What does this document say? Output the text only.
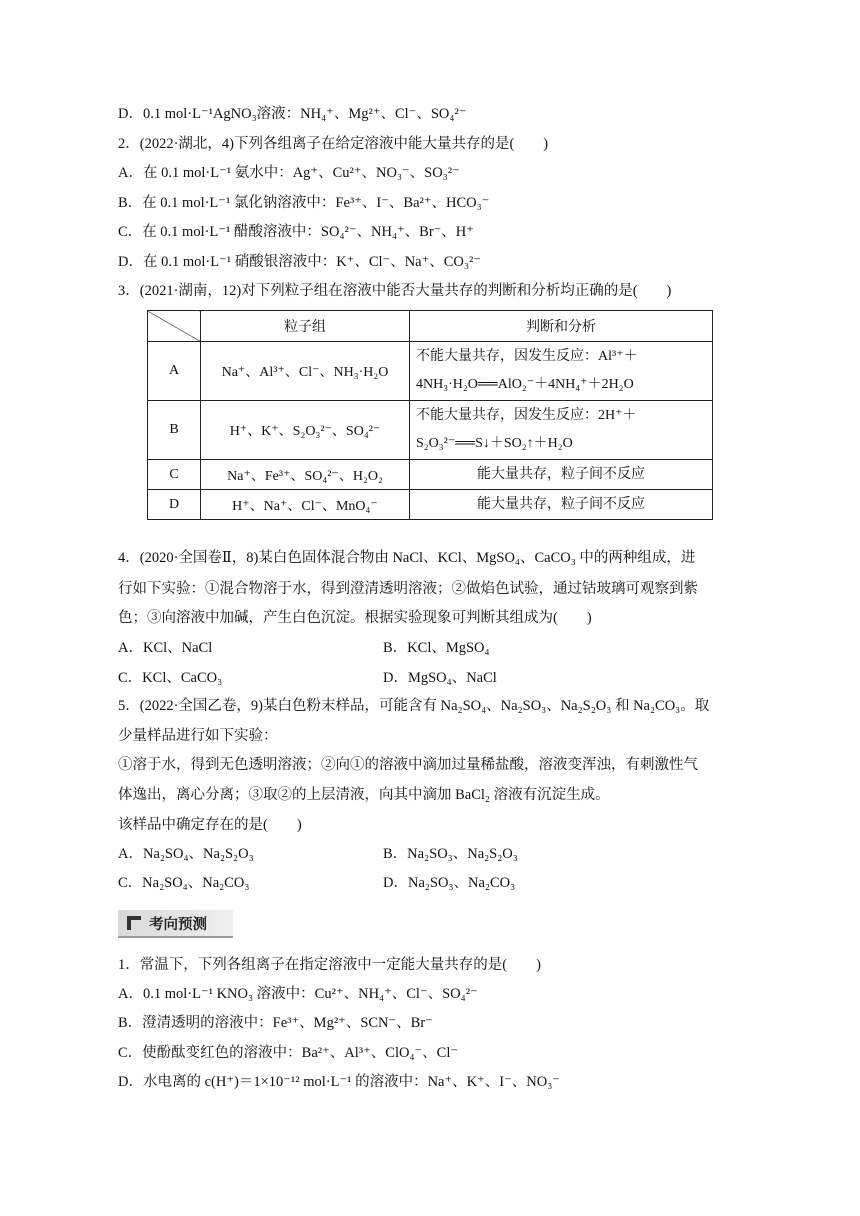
D．0.1 mol·L⁻¹AgNO₃溶液：NH₄⁺、Mg²⁺、Cl⁻、SO₄²⁻
2．(2022·湖北，4)下列各组离子在给定溶液中能大量共存的是(　　)
A．在 0.1 mol·L⁻¹ 氨水中：Ag⁺、Cu²⁺、NO₃⁻、SO₃²⁻
B．在 0.1 mol·L⁻¹ 氯化钠溶液中：Fe³⁺、I⁻、Ba²⁺、HCO₃⁻
C．在 0.1 mol·L⁻¹ 醋酸溶液中：SO₄²⁻、NH₄⁺、Br⁻、H⁺
D．在 0.1 mol·L⁻¹ 硝酸银溶液中：K⁺、Cl⁻、Na⁺、CO₃²⁻
3．(2021·湖南，12)对下列粒子组在溶液中能否大量共存的判断和分析均正确的是(　　)
	粒子组	判断和分析
A	Na⁺、Al³⁺、Cl⁻、NH₃·H₂O	不能大量共存，因发生反应：Al³⁺＋
4NH₃·H₂O══AlO₂⁻＋4NH₄⁺＋2H₂O

B	H⁺、K⁺、S₂O₃²⁻、SO₄²⁻	不能大量共存，因发生反应：2H⁺＋
S₂O₃²⁻══S↓＋SO₂↑＋H₂O

C	Na⁺、Fe³⁺、SO₄²⁻、H₂O₂	能大量共存，粒子间不反应
D	H⁺、Na⁺、Cl⁻、MnO₄⁻	能大量共存，粒子间不反应
4．(2020·全国卷Ⅱ，8)某白色固体混合物由 NaCl、KCl、MgSO₄、CaCO₃ 中的两种组成，进
行如下实验：①混合物溶于水，得到澄清透明溶液；②做焰色试验，通过钴玻璃可观察到紫
色；③向溶液中加碱，产生白色沉淀。根据实验现象可判断其组成为(　　)
A．KCl、NaCl	B．KCl、MgSO₄
C．KCl、CaCO₃	D．MgSO₄、NaCl
5．(2022·全国乙卷，9)某白色粉末样品，可能含有 Na₂SO₄、Na₂SO₃、Na₂S₂O₃ 和 Na₂CO₃。取
少量样品进行如下实验：
①溶于水，得到无色透明溶液；②向①的溶液中滴加过量稀盐酸，溶液变浑浊，有刺激性气
体逸出，离心分离；③取②的上层清液，向其中滴加 BaCl₂ 溶液有沉淀生成。
该样品中确定存在的是(　　)
A．Na₂SO₄、Na₂S₂O₃	B．Na₂SO₃、Na₂S₂O₃
C．Na₂SO₄、Na₂CO₃	D．Na₂SO₃、Na₂CO₃
考向预测
1．常温下，下列各组离子在指定溶液中一定能大量共存的是(　　)
A．0.1 mol·L⁻¹ KNO₃ 溶液中：Cu²⁺、NH₄⁺、Cl⁻、SO₄²⁻
B．澄清透明的溶液中：Fe³⁺、Mg²⁺、SCN⁻、Br⁻
C．使酚酞变红色的溶液中：Ba²⁺、Al³⁺、ClO₄⁻、Cl⁻
D．水电离的 c(H⁺)＝1×10⁻¹² mol·L⁻¹ 的溶液中：Na⁺、K⁺、I⁻、NO₃⁻
